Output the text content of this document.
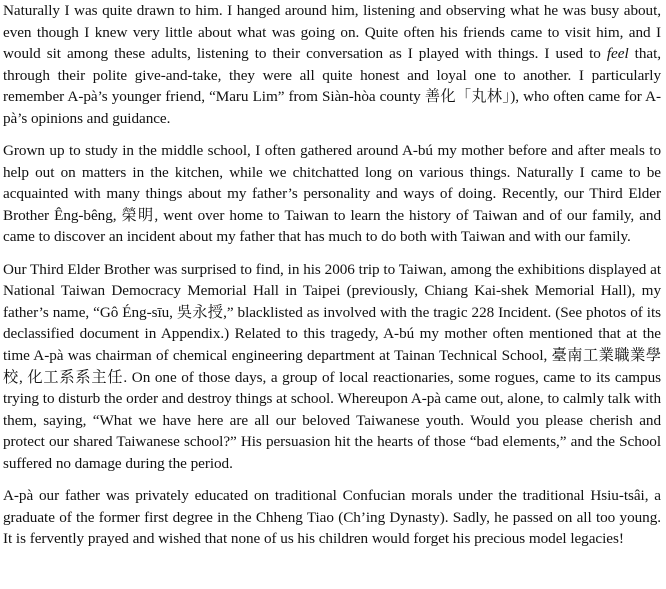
Naturally I was quite drawn to him. I hanged around him, listening and observing what he was busy about, even though I knew very little about what was going on. Quite often his friends came to visit him, and I would sit among these adults, listening to their conversation as I played with things. I used to feel that, through their polite give-and-take, they were all quite honest and loyal one to another. I particularly remember A-pà’s younger friend, “Maru Lim” from Siàn-hòa county 善化「丸林」), who often came for A-pà’s opinions and guidance.

Grown up to study in the middle school, I often gathered around A-bú my mother before and after meals to help out on matters in the kitchen, while we chitchatted long on various things. Naturally I came to be acquainted with many things about my father’s personality and ways of doing. Recently, our Third Elder Brother Êng-bêng, 榮明, went over home to Taiwan to learn the history of Taiwan and of our family, and came to discover an incident about my father that has much to do both with Taiwan and with our family.

Our Third Elder Brother was surprised to find, in his 2006 trip to Taiwan, among the exhibitions displayed at National Taiwan Democracy Memorial Hall in Taipei (previously, Chiang Kai-shek Memorial Hall), my father’s name, “Gô Éng-sīu, 吳永授,” blacklisted as involved with the tragic 228 Incident. (See photos of its declassified document in Appendix.) Related to this tragedy, A-bú my mother often mentioned that at the time A-pà was chairman of chemical engineering department at Tainan Technical School, 臺南工業職業學校, 化工系系主任. On one of those days, a group of local reactionaries, some rogues, came to its campus trying to disturb the order and destroy things at school. Whereupon A-pà came out, alone, to calmly talk with them, saying, “What we have here are all our beloved Taiwanese youth. Would you please cherish and protect our shared Taiwanese school?” His persuasion hit the hearts of those “bad elements,” and the School suffered no damage during the period.

A-pà our father was privately educated on traditional Confucian morals under the traditional Hsiu-tsâi, a graduate of the former first degree in the Chheng Tiao (Ch’ing Dynasty). Sadly, he passed on all too young. It is fervently prayed and wished that none of us his children would forget his precious model legacies!
